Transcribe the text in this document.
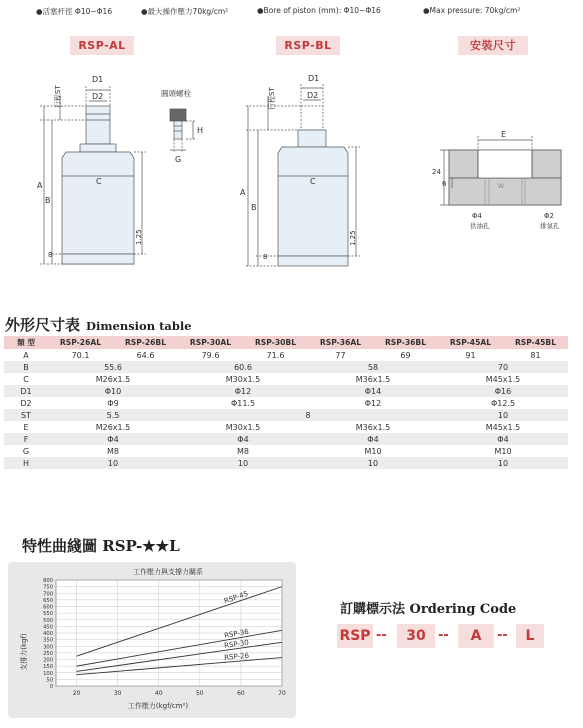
●活塞杆徑 Φ10~Φ16	●最大操作壓力70kg/cm²	●Bore of piston (mm): Φ10~Φ16	●Max pressure: 70kg/cm²
RSP-AL	RSP-BL	安裝尺寸
D1
D2
C
A
B
8
1.25
行程ST	圓頭螺栓
H
G
D1
D2
C
A
B
8
1.25
行程ST
E
24
6	W
Φ4	Φ2
供油孔	排氣孔
外形尺寸表 Dimension table
類 型	RSP-26AL	RSP-26BL	RSP-30AL	RSP-30BL	RSP-36AL	RSP-36BL	RSP-45AL	RSP-45BL
A	70.1	64.6	79.6	71.6	77	69	91	81
B	55.6		60.6		58		70	
C	M26x1.5		M30x1.5		M36x1.5		M45x1.5	
D1	Φ10		Φ12		Φ14		Φ16	
D2	Φ9		Φ11.5		Φ12		Φ12.5	
ST	5.5		8				10	
E	M26x1.5		M30x1.5		M36x1.5		M45x1.5	
F	Φ4		Φ4		Φ4		Φ4	
G	M8		M8		M10		M10	
H	10		10		10		10	
特性曲綫圖 RSP-★★L
工作壓力與支撐力關系
工作壓力(kgf/cm²)
支撐力(kgf)
0
50
100
150
200
250
300
350
400
450
500
550
600
650
700
750
800
20	30	40	50	60	70
RSP-45
RSP-36
RSP-30
RSP-26
訂購標示法 Ordering Code
RSP --	30 --	A	--	L
